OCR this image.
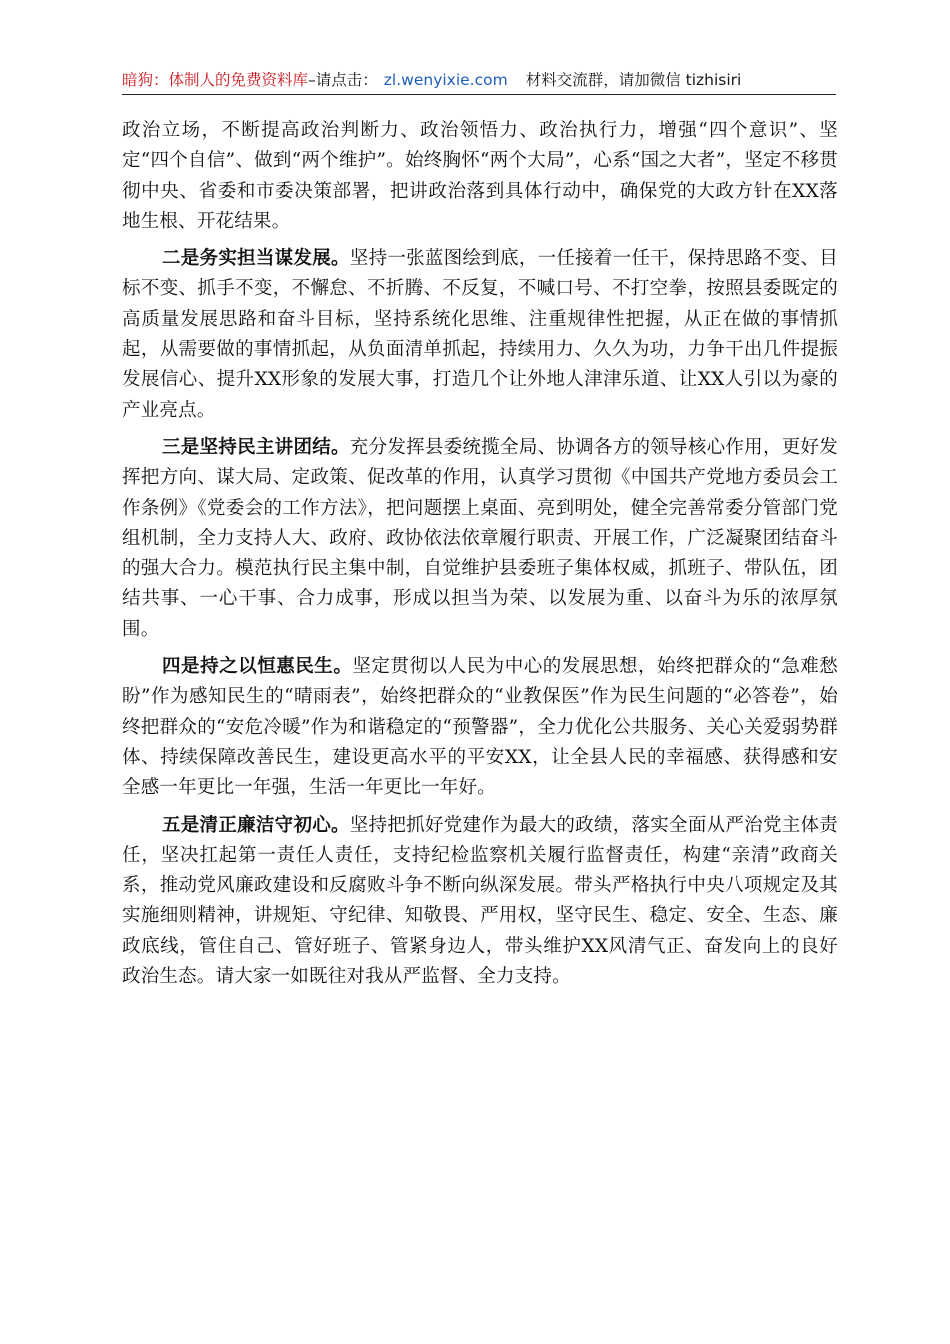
暗狗：体制人的免费资料库–请点击： zl.wenyixie.com 材料交流群，请加微信 tizhisiri

政治立场，不断提高政治判断力、政治领悟力、政治执行力，增强“四个意识”、坚定“四个自信”、做到“两个维护”。始终胸怀“两个大局”，心系“国之大者”，坚定不移贯彻中央、省委和市委决策部署，把讲政治落到具体行动中，确保党的大政方针在XX落地生根、开花结果。

二是务实担当谋发展。坚持一张蓝图绘到底，一任接着一任干，保持思路不变、目标不变、抓手不变，不懈怠、不折腾、不反复，不喊口号、不打空拳，按照县委既定的高质量发展思路和奋斗目标，坚持系统化思维、注重规律性把握，从正在做的事情抓起，从需要做的事情抓起，从负面清单抓起，持续用力、久久为功，力争干出几件提振发展信心、提升XX形象的发展大事，打造几个让外地人津津乐道、让XX人引以为豪的产业亮点。

三是坚持民主讲团结。充分发挥县委统揽全局、协调各方的领导核心作用，更好发挥把方向、谋大局、定政策、促改革的作用，认真学习贯彻《中国共产党地方委员会工作条例》《党委会的工作方法》，把问题摆上桌面、亮到明处，健全完善常委分管部门党组机制，全力支持人大、政府、政协依法依章履行职责、开展工作，广泛凝聚团结奋斗的强大合力。模范执行民主集中制，自觉维护县委班子集体权威，抓班子、带队伍，团结共事、一心干事、合力成事，形成以担当为荣、以发展为重、以奋斗为乐的浓厚氛围。

四是持之以恒惠民生。坚定贯彻以人民为中心的发展思想，始终把群众的“急难愁盼”作为感知民生的“晴雨表”，始终把群众的“业教保医”作为民生问题的“必答卷”，始终把群众的“安危冷暖”作为和谐稳定的“预警器”，全力优化公共服务、关心关爱弱势群体、持续保障改善民生，建设更高水平的平安XX，让全县人民的幸福感、获得感和安全感一年更比一年强，生活一年更比一年好。

五是清正廉洁守初心。坚持把抓好党建作为最大的政绩，落实全面从严治党主体责任，坚决扛起第一责任人责任，支持纪检监察机关履行监督责任，构建“亲清”政商关系，推动党风廉政建设和反腐败斗争不断向纵深发展。带头严格执行中央八项规定及其实施细则精神，讲规矩、守纪律、知敬畏、严用权，坚守民生、稳定、安全、生态、廉政底线，管住自己、管好班子、管紧身边人，带头维护XX风清气正、奋发向上的良好政治生态。请大家一如既往对我从严监督、全力支持。
